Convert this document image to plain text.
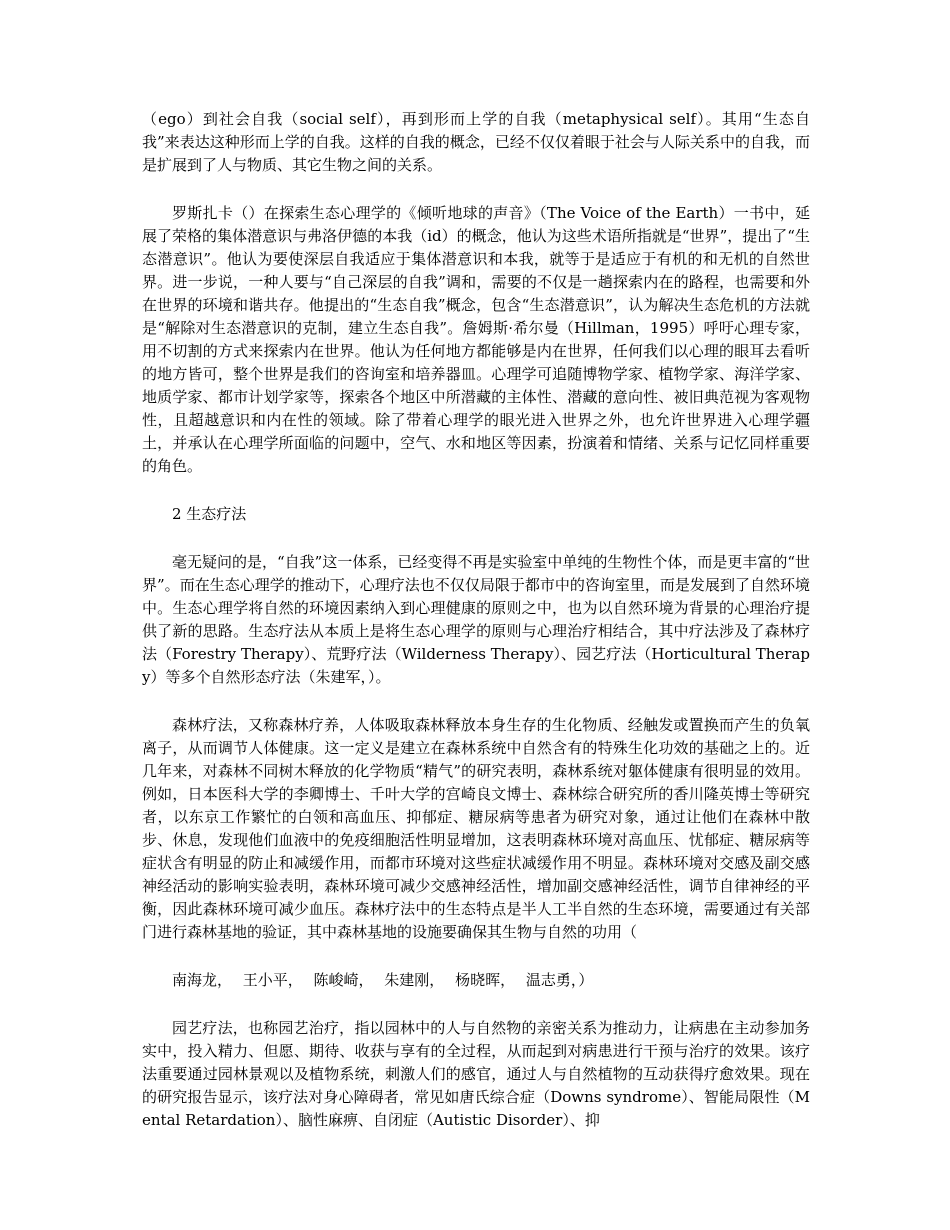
（ego）到社会自我（social self），再到形而上学的自我（metaphysical self）。其用“生态自我”来表达这种形而上学的自我。这样的自我的概念，已经不仅仅着眼于社会与人际关系中的自我，而是扩展到了人与物质、其它生物之间的关系。

罗斯扎卡（）在探索生态心理学的《倾听地球的声音》（The Voice of the Earth）一书中，延展了荣格的集体潜意识与弗洛伊德的本我（id）的概念，他认为这些术语所指就是“世界”，提出了“生态潜意识”。他认为要使深层自我适应于集体潜意识和本我，就等于是适应于有机的和无机的自然世界。进一步说，一种人要与“自己深层的自我”调和，需要的不仅是一趟探索内在的路程，也需要和外在世界的环境和谐共存。他提出的“生态自我”概念，包含“生态潜意识”，认为解决生态危机的方法就是“解除对生态潜意识的克制，建立生态自我”。詹姆斯·希尔曼（Hillman，1995）呼吁心理专家，用不切割的方式来探索内在世界。他认为任何地方都能够是内在世界，任何我们以心理的眼耳去看听的地方皆可，整个世界是我们的咨询室和培养器皿。心理学可追随博物学家、植物学家、海洋学家、地质学家、都市计划学家等，探索各个地区中所潜藏的主体性、潜藏的意向性、被旧典范视为客观物性，且超越意识和内在性的领域。除了带着心理学的眼光进入世界之外，也允许世界进入心理学疆土，并承认在心理学所面临的问题中，空气、水和地区等因素，扮演着和情绪、关系与记忆同样重要的角色。

2 生态疗法

毫无疑问的是，“自我”这一体系，已经变得不再是实验室中单纯的生物性个体，而是更丰富的“世界”。而在生态心理学的推动下，心理疗法也不仅仅局限于都市中的咨询室里，而是发展到了自然环境中。生态心理学将自然的环境因素纳入到心理健康的原则之中，也为以自然环境为背景的心理治疗提供了新的思路。生态疗法从本质上是将生态心理学的原则与心理治疗相结合，其中疗法涉及了森林疗法（Forestry Therapy）、荒野疗法（Wilderness Therapy）、园艺疗法（Horticultural Therapy）等多个自然形态疗法（朱建军，）。

森林疗法，又称森林疗养，人体吸取森林释放本身生存的生化物质、经触发或置换而产生的负氧离子，从而调节人体健康。这一定义是建立在森林系统中自然含有的特殊生化功效的基础之上的。近几年来，对森林不同树木释放的化学物质“精气”的研究表明，森林系统对躯体健康有很明显的效用。例如，日本医科大学的李卿博士、千叶大学的宫崎良文博士、森林综合研究所的香川隆英博士等研究者，以东京工作繁忙的白领和高血压、抑郁症、糖尿病等患者为研究对象，通过让他们在森林中散步、休息，发现他们血液中的免疫细胞活性明显增加，这表明森林环境对高血压、忧郁症、糖尿病等症状含有明显的防止和减缓作用，而都市环境对这些症状减缓作用不明显。森林环境对交感及副交感神经活动的影响实验表明，森林环境可减少交感神经活性，增加副交感神经活性，调节自律神经的平衡，因此森林环境可减少血压。森林疗法中的生态特点是半人工半自然的生态环境，需要通过有关部门进行森林基地的验证，其中森林基地的设施要确保其生物与自然的功用（

南海龙， 王小平， 陈峻崎， 朱建刚， 杨晓晖， 温志勇，）

园艺疗法，也称园艺治疗，指以园林中的人与自然物的亲密关系为推动力，让病患在主动参加务实中，投入精力、但愿、期待、收获与享有的全过程，从而起到对病患进行干预与治疗的效果。该疗法重要通过园林景观以及植物系统，刺激人们的感官，通过人与自然植物的互动获得疗愈效果。现在的研究报告显示，该疗法对身心障碍者，常见如唐氏综合症（Downs syndrome）、智能局限性（Mental Retardation）、脑性麻痹、自闭症（Autistic Disorder）、抑
